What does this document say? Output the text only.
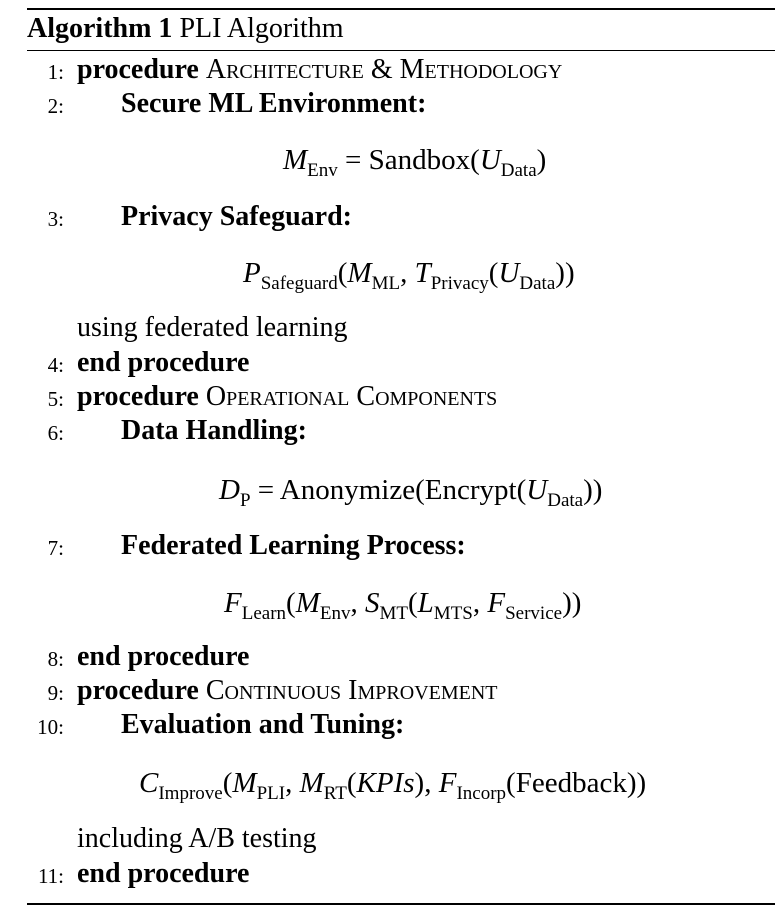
Algorithm 1 PLI Algorithm
1: procedure Architecture & Methodology
2: Secure ML Environment:
$M_{Env}$ = $Sandbox(U_{Data})$
3: Privacy Safeguard:
$P_{Safeguard}(M_{ML}$, $T_{Privacy}(U_{Data})$)
using federated learning
4: end procedure
5: procedure Operational Components
6: Data Handling:
$D_P$ = $Anonymize(Encrypt(U_{Data}))$
7: Federated Learning Process:
$F_{Learn}(M_{Env}$, $S_{MT}(L_{MTS}$, $F_{Service}$))
8: end procedure
9: procedure Continuous Improvement
10: Evaluation and Tuning:
$C_{Improve}(M_{PLI}$, $M_{RT}(KPIs)$, $F_{Incorp}(Feedback)$)
including A/B testing
11: end procedure
